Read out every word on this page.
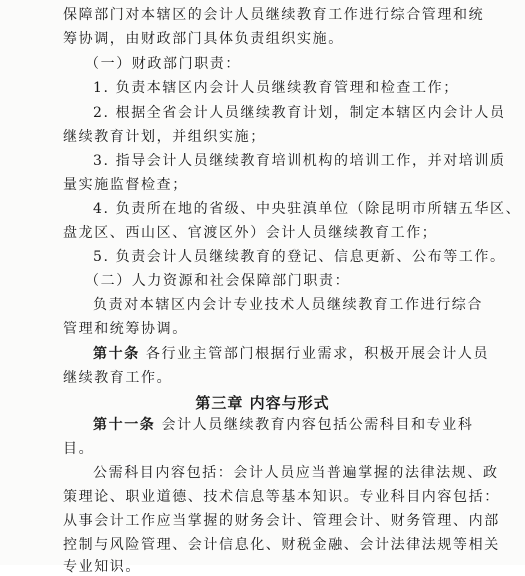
保障部门对本辖区的会计人员继续教育工作进行综合管理和统
筹协调，由财政部门具体负责组织实施。
（一）财政部门职责：
1. 负责本辖区内会计人员继续教育管理和检查工作；
2. 根据全省会计人员继续教育计划，制定本辖区内会计人员
继续教育计划，并组织实施；
3. 指导会计人员继续教育培训机构的培训工作，并对培训质
量实施监督检查；
4. 负责所在地的省级、中央驻滇单位（除昆明市所辖五华区、
盘龙区、西山区、官渡区外）会计人员继续教育工作；
5. 负责会计人员继续教育的登记、信息更新、公布等工作。
（二）人力资源和社会保障部门职责：
负责对本辖区内会计专业技术人员继续教育工作进行综合
管理和统筹协调。
第十条 各行业主管部门根据行业需求，积极开展会计人员
继续教育工作。
第三章 内容与形式
第十一条 会计人员继续教育内容包括公需科目和专业科
目。
公需科目内容包括：会计人员应当普遍掌握的法律法规、政
策理论、职业道德、技术信息等基本知识。专业科目内容包括：
从事会计工作应当掌握的财务会计、管理会计、财务管理、内部
控制与风险管理、会计信息化、财税金融、会计法律法规等相关
专业知识。
